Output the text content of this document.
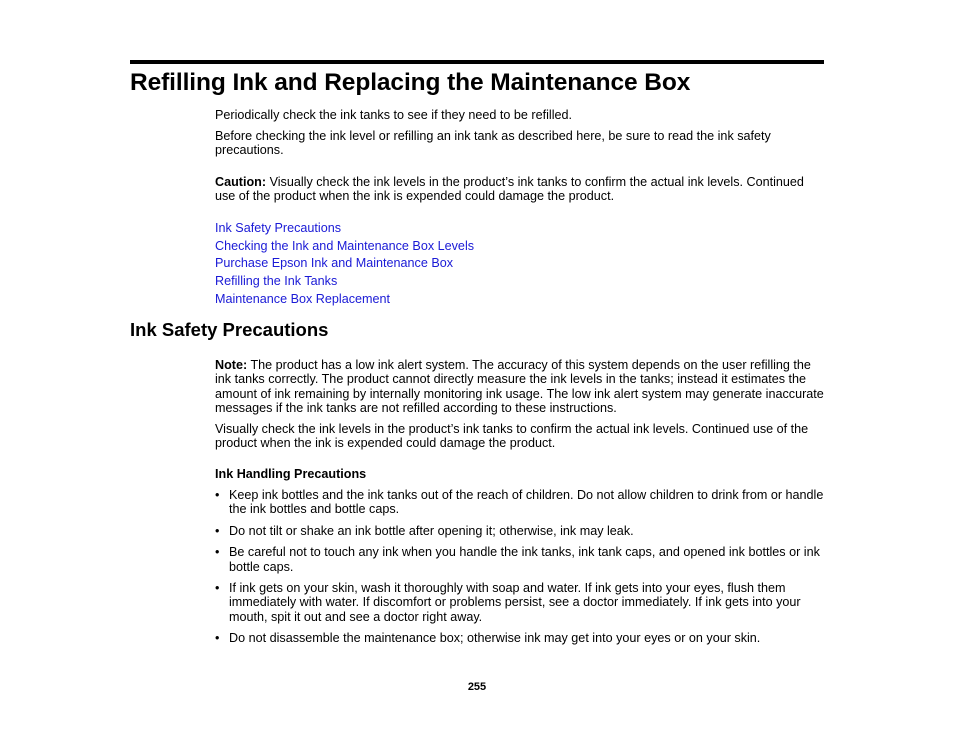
Refilling Ink and Replacing the Maintenance Box

Periodically check the ink tanks to see if they need to be refilled.

Before checking the ink level or refilling an ink tank as described here, be sure to read the ink safety precautions.

Caution: Visually check the ink levels in the product’s ink tanks to confirm the actual ink levels. Continued use of the product when the ink is expended could damage the product.

Ink Safety Precautions
Checking the Ink and Maintenance Box Levels
Purchase Epson Ink and Maintenance Box
Refilling the Ink Tanks
Maintenance Box Replacement
Ink Safety Precautions

Note: The product has a low ink alert system. The accuracy of this system depends on the user refilling the ink tanks correctly. The product cannot directly measure the ink levels in the tanks; instead it estimates the amount of ink remaining by internally monitoring ink usage. The low ink alert system may generate inaccurate messages if the ink tanks are not refilled according to these instructions.

Visually check the ink levels in the product’s ink tanks to confirm the actual ink levels. Continued use of the product when the ink is expended could damage the product.

Ink Handling Precautions
• Keep ink bottles and the ink tanks out of the reach of children. Do not allow children to drink from or handle the ink bottles and bottle caps.
• Do not tilt or shake an ink bottle after opening it; otherwise, ink may leak.
• Be careful not to touch any ink when you handle the ink tanks, ink tank caps, and opened ink bottles or ink bottle caps.
• If ink gets on your skin, wash it thoroughly with soap and water. If ink gets into your eyes, flush them immediately with water. If discomfort or problems persist, see a doctor immediately. If ink gets into your mouth, spit it out and see a doctor right away.
• Do not disassemble the maintenance box; otherwise ink may get into your eyes or on your skin.
255
